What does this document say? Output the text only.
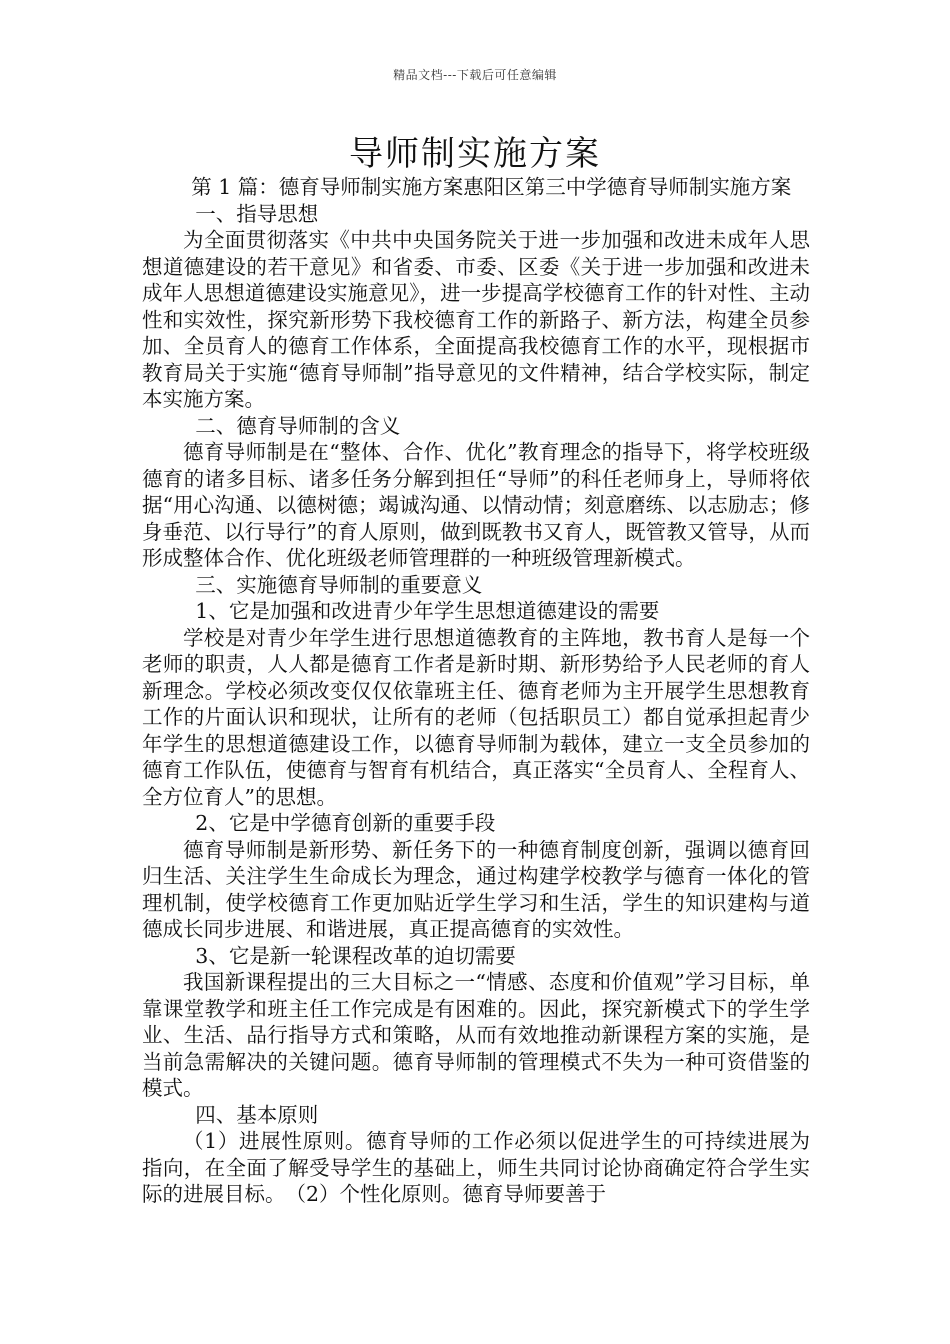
精品文档---下载后可任意编辑
导师制实施方案

第 1 篇：德育导师制实施方案惠阳区第三中学德育导师制实施方案

一、指导思想

为全面贯彻落实《中共中央国务院关于进一步加强和改进未成年人思想道德建设的若干意见》和省委、市委、区委《关于进一步加强和改进未成年人思想道德建设实施意见》，进一步提高学校德育工作的针对性、主动性和实效性，探究新形势下我校德育工作的新路子、新方法，构建全员参加、全员育人的德育工作体系，全面提高我校德育工作的水平，现根据市教育局关于实施“德育导师制”指导意见的文件精神，结合学校实际，制定本实施方案。

二、德育导师制的含义

德育导师制是在“整体、合作、优化”教育理念的指导下，将学校班级德育的诸多目标、诸多任务分解到担任“导师”的科任老师身上，导师将依据“用心沟通、以德树德；竭诚沟通、以情动情；刻意磨练、以志励志；修身垂范、以行导行”的育人原则，做到既教书又育人，既管教又管导，从而形成整体合作、优化班级老师管理群的一种班级管理新模式。

三、实施德育导师制的重要意义

1、它是加强和改进青少年学生思想道德建设的需要

学校是对青少年学生进行思想道德教育的主阵地，教书育人是每一个老师的职责，人人都是德育工作者是新时期、新形势给予人民老师的育人新理念。学校必须改变仅仅依靠班主任、德育老师为主开展学生思想教育工作的片面认识和现状，让所有的老师（包括职员工）都自觉承担起青少年学生的思想道德建设工作，以德育导师制为载体，建立一支全员参加的德育工作队伍，使德育与智育有机结合，真正落实“全员育人、全程育人、全方位育人”的思想。

2、它是中学德育创新的重要手段

德育导师制是新形势、新任务下的一种德育制度创新，强调以德育回归生活、关注学生生命成长为理念，通过构建学校教学与德育一体化的管理机制，使学校德育工作更加贴近学生学习和生活，学生的知识建构与道德成长同步进展、和谐进展，真正提高德育的实效性。

3、它是新一轮课程改革的迫切需要

我国新课程提出的三大目标之一“情感、态度和价值观”学习目标，单靠课堂教学和班主任工作完成是有困难的。因此，探究新模式下的学生学业、生活、品行指导方式和策略，从而有效地推动新课程方案的实施，是当前急需解决的关键问题。德育导师制的管理模式不失为一种可资借鉴的模式。

四、基本原则

（1）进展性原则。德育导师的工作必须以促进学生的可持续进展为指向，在全面了解受导学生的基础上，师生共同讨论协商确定符合学生实际的进展目标。　（2）个性化原则。德育导师要善于
